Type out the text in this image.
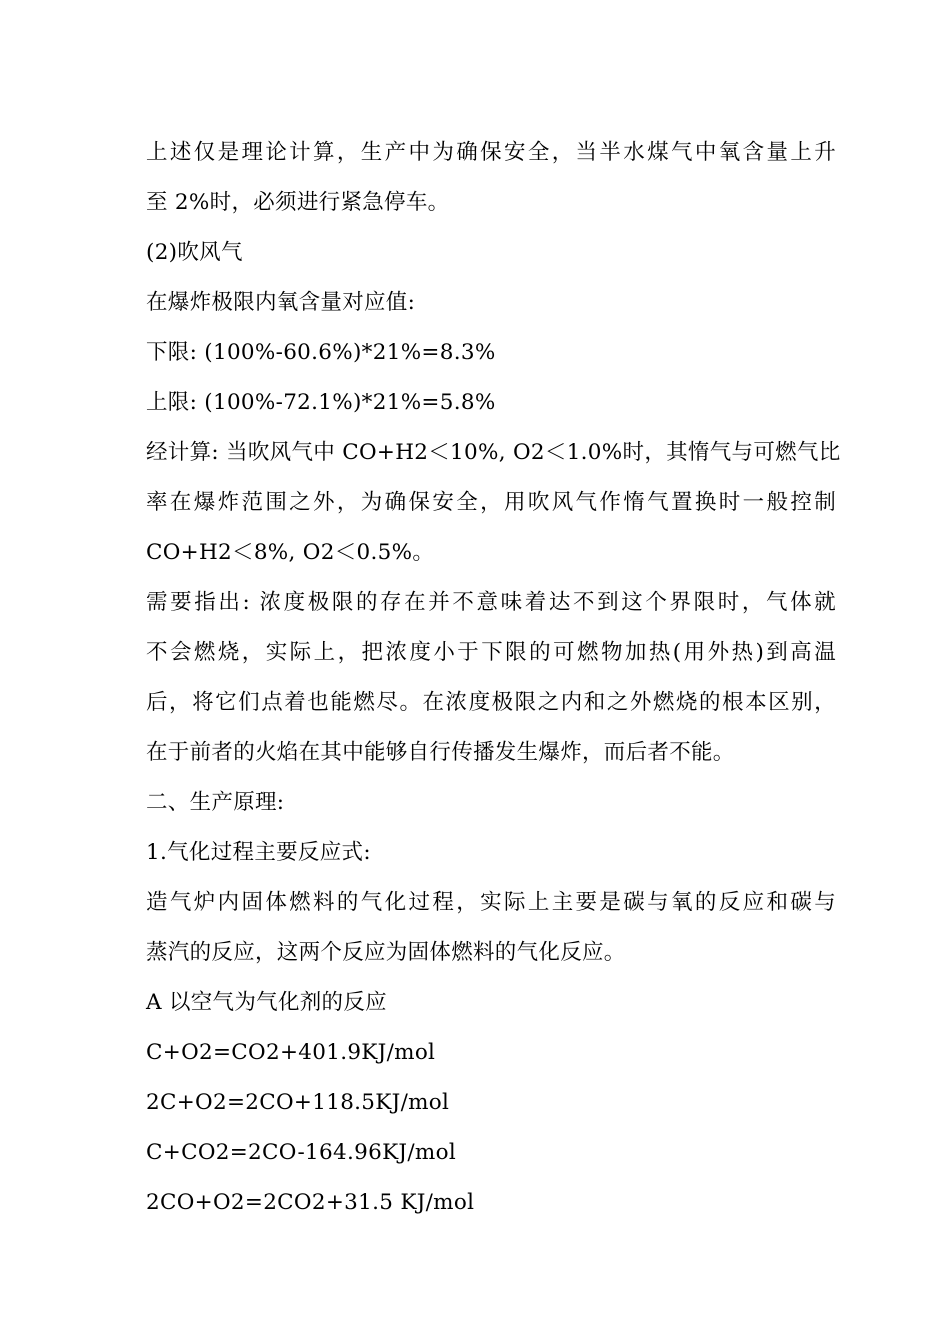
上述仅是理论计算，生产中为确保安全，当半水煤气中氧含量上升
至 2%时，必须进行紧急停车。
(2)吹风气
在爆炸极限内氧含量对应值:
下限: (100%-60.6%)*21%=8.3%
上限: (100%-72.1%)*21%=5.8%
经计算: 当吹风气中 CO+H2＜10%, O2＜1.0%时，其惰气与可燃气比
率在爆炸范围之外，为确保安全，用吹风气作惰气置换时一般控制
CO+H2＜8%, O2＜0.5%。
需要指出: 浓度极限的存在并不意味着达不到这个界限时，气体就
不会燃烧，实际上，把浓度小于下限的可燃物加热(用外热)到高温
后，将它们点着也能燃尽。在浓度极限之内和之外燃烧的根本区别，
在于前者的火焰在其中能够自行传播发生爆炸，而后者不能。
二、生产原理:
1.气化过程主要反应式:
造气炉内固体燃料的气化过程，实际上主要是碳与氧的反应和碳与
蒸汽的反应，这两个反应为固体燃料的气化反应。
A 以空气为气化剂的反应
C+O2=CO2+401.9KJ/mol
2C+O2=2CO+118.5KJ/mol
C+CO2=2CO-164.96KJ/mol
2CO+O2=2CO2+31.5 KJ/mol
